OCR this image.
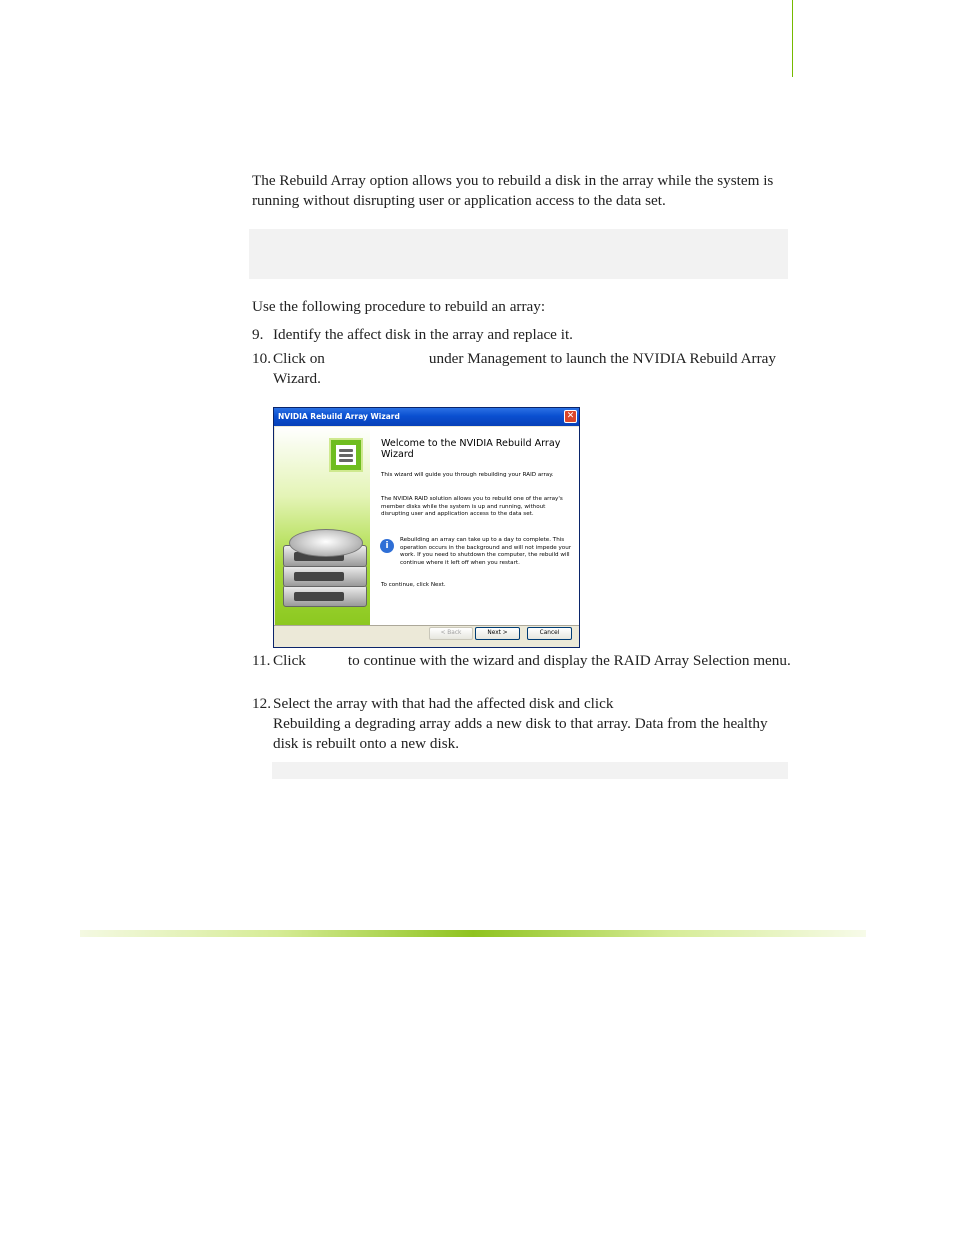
The Rebuild Array option allows you to rebuild a disk in the array while the system is running without disrupting user or application access to the data set.

Use the following procedure to rebuild an array:

9. Identify the affect disk in the array and replace it.
10. Click on	under Management to launch the NVIDIA Rebuild Array Wizard.
NVIDIA Rebuild Array Wizard	✕
Welcome to the NVIDIA Rebuild Array Wizard

This wizard will guide you through rebuilding your RAID array.

The NVIDIA RAID solution allows you to rebuild one of the array's member disks while the system is up and running, without disrupting user and application access to the data set.

i

Rebuilding an array can take up to a day to complete. This operation occurs in the background and will not impede your work. If you need to shutdown the computer, the rebuild will continue where it left off when you restart.

To continue, click Next.

< Back	Next >	Cancel
11. Click	to continue with the wizard and display the RAID Array Selection menu.
12. Select the array with that had the affected disk and click
Rebuilding a degrading array adds a new disk to that array. Data from the healthy disk is rebuilt onto a new disk.
